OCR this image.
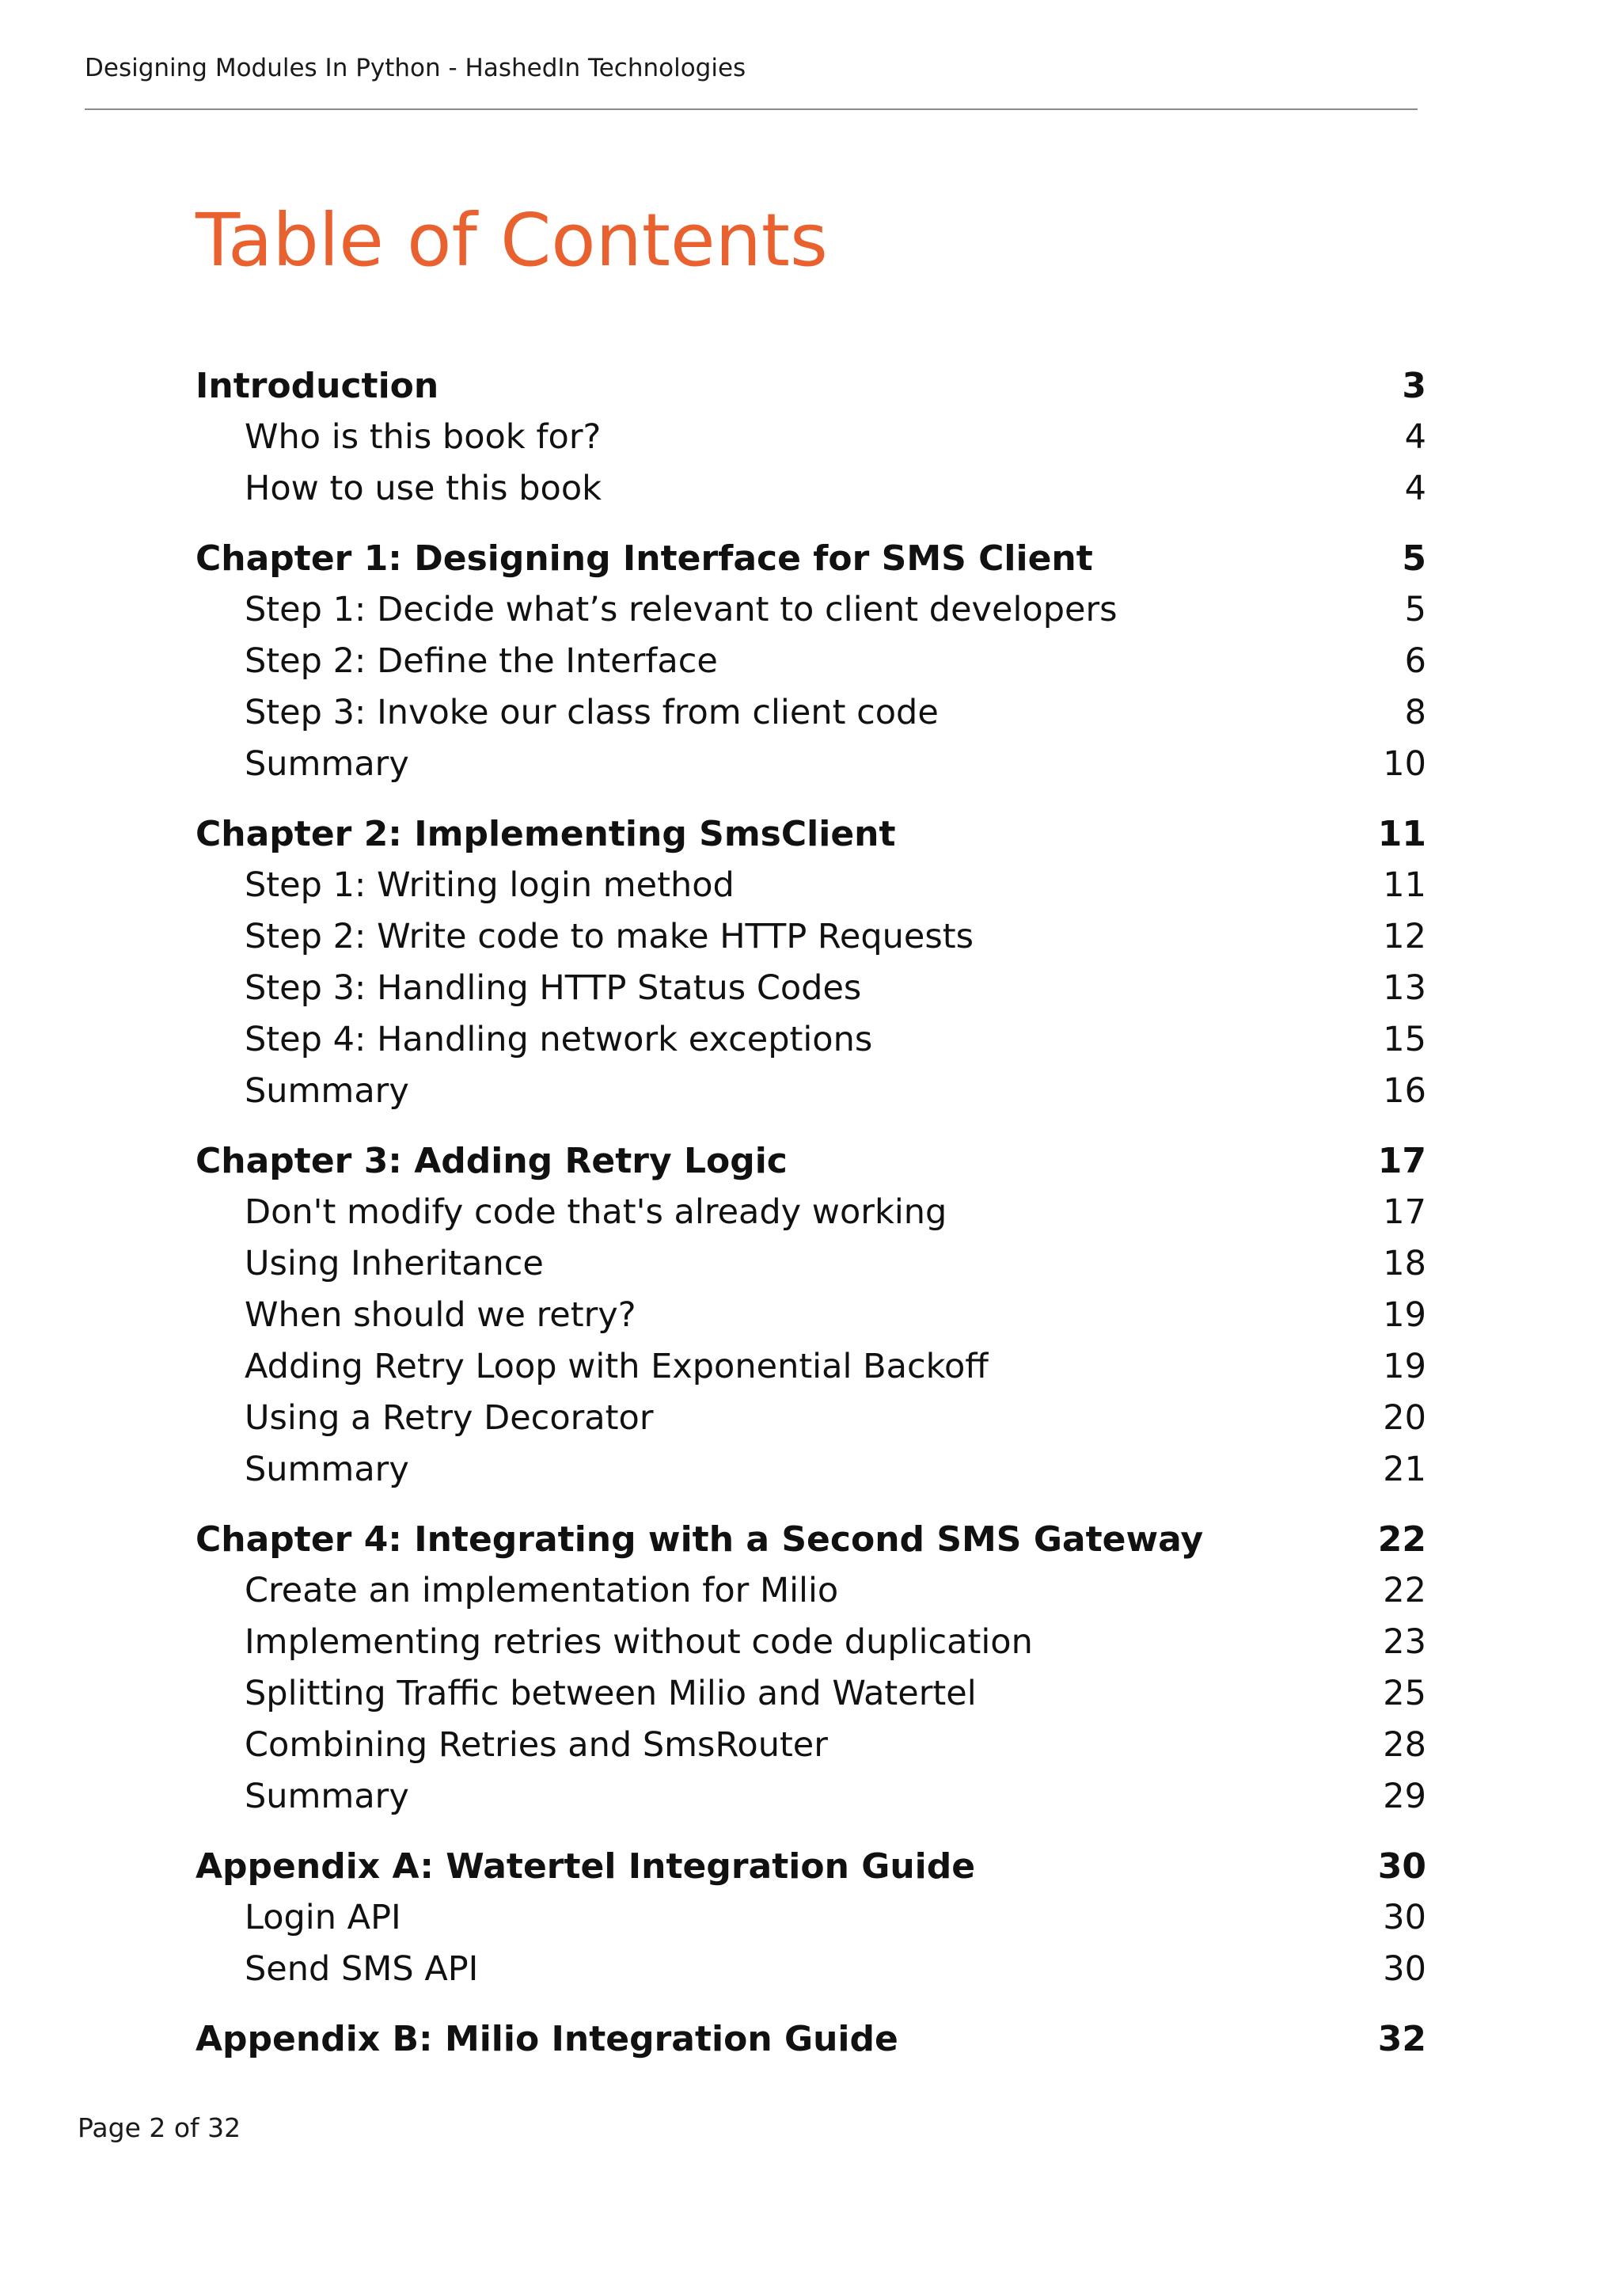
Designing Modules In Python - HashedIn Technologies
Table of Contents
Introduction	3
Who is this book for?	4
How to use this book	4
Chapter 1: Designing Interface for SMS Client	5
Step 1: Decide what’s relevant to client developers	5
Step 2: Define the Interface	6
Step 3: Invoke our class from client code	8
Summary	10
Chapter 2: Implementing SmsClient	11
Step 1: Writing login method	11
Step 2: Write code to make HTTP Requests	12
Step 3: Handling HTTP Status Codes	13
Step 4: Handling network exceptions	15
Summary	16
Chapter 3: Adding Retry Logic	17
Don't modify code that's already working	17
Using Inheritance	18
When should we retry?	19
Adding Retry Loop with Exponential Backoff	19
Using a Retry Decorator	20
Summary	21
Chapter 4: Integrating with a Second SMS Gateway	22
Create an implementation for Milio	22
Implementing retries without code duplication	23
Splitting Traffic between Milio and Watertel	25
Combining Retries and SmsRouter	28
Summary	29
Appendix A: Watertel Integration Guide	30
Login API	30
Send SMS API	30
Appendix B: Milio Integration Guide	32
Page 2 of 32
